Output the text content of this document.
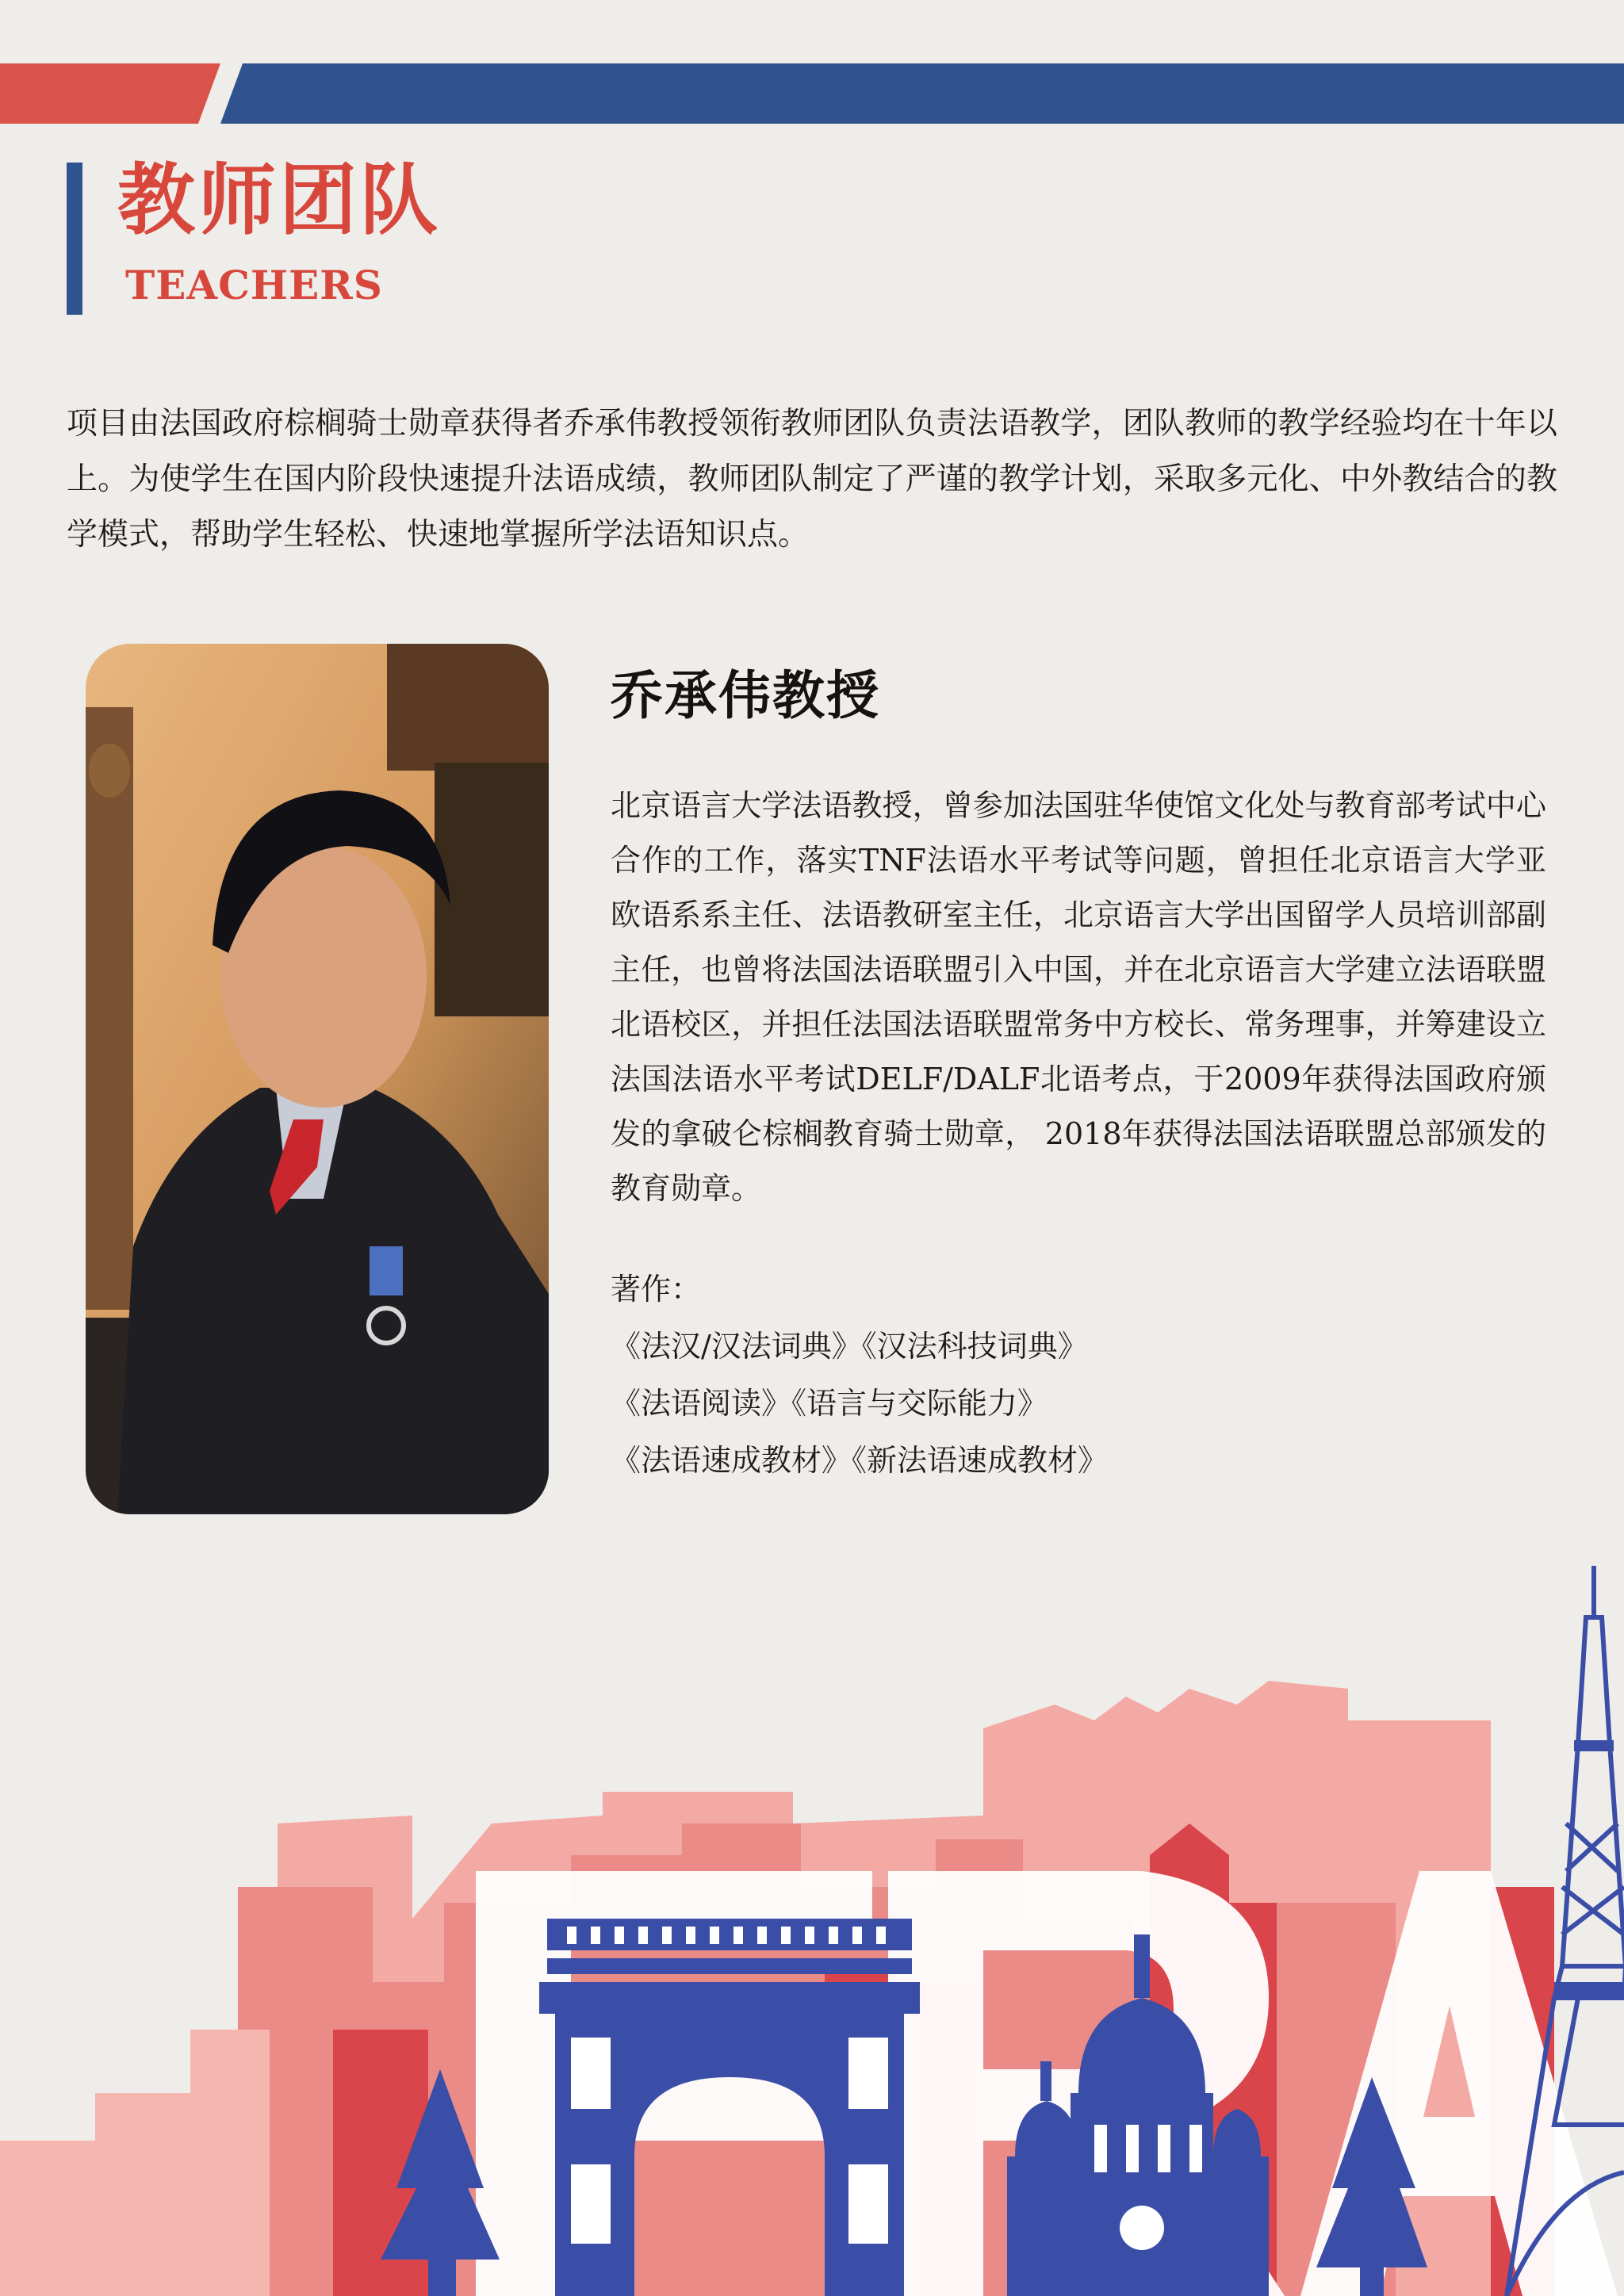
教师团队
TEACHERS
项目由法国政府棕榈骑士勋章获得者乔承伟教授领衔教师团队负责法语教学，团队教师的教学经验均在十年以上。为使学生在国内阶段快速提升法语成绩，教师团队制定了严谨的教学计划，采取多元化、中外教结合的教学模式，帮助学生轻松、快速地掌握所学法语知识点。
乔承伟教授
北京语言大学法语教授，曾参加法国驻华使馆文化处与教育部考试中心合作的工作，落实TNF法语水平考试等问题，曾担任北京语言大学亚欧语系系主任、法语教研室主任，北京语言大学出国留学人员培训部副主任，也曾将法国法语联盟引入中国，并在北京语言大学建立法语联盟北语校区，并担任法国法语联盟常务中方校长、常务理事，并筹建设立法国法语水平考试DELF/DALF北语考点，于2009年获得法国政府颁发的拿破仑棕榈教育骑士勋章， 2018年获得法国法语联盟总部颁发的教育勋章。
著作：
《法汉/汉法词典》《汉法科技词典》
《法语阅读》《语言与交际能力》
《法语速成教材》《新法语速成教材》
